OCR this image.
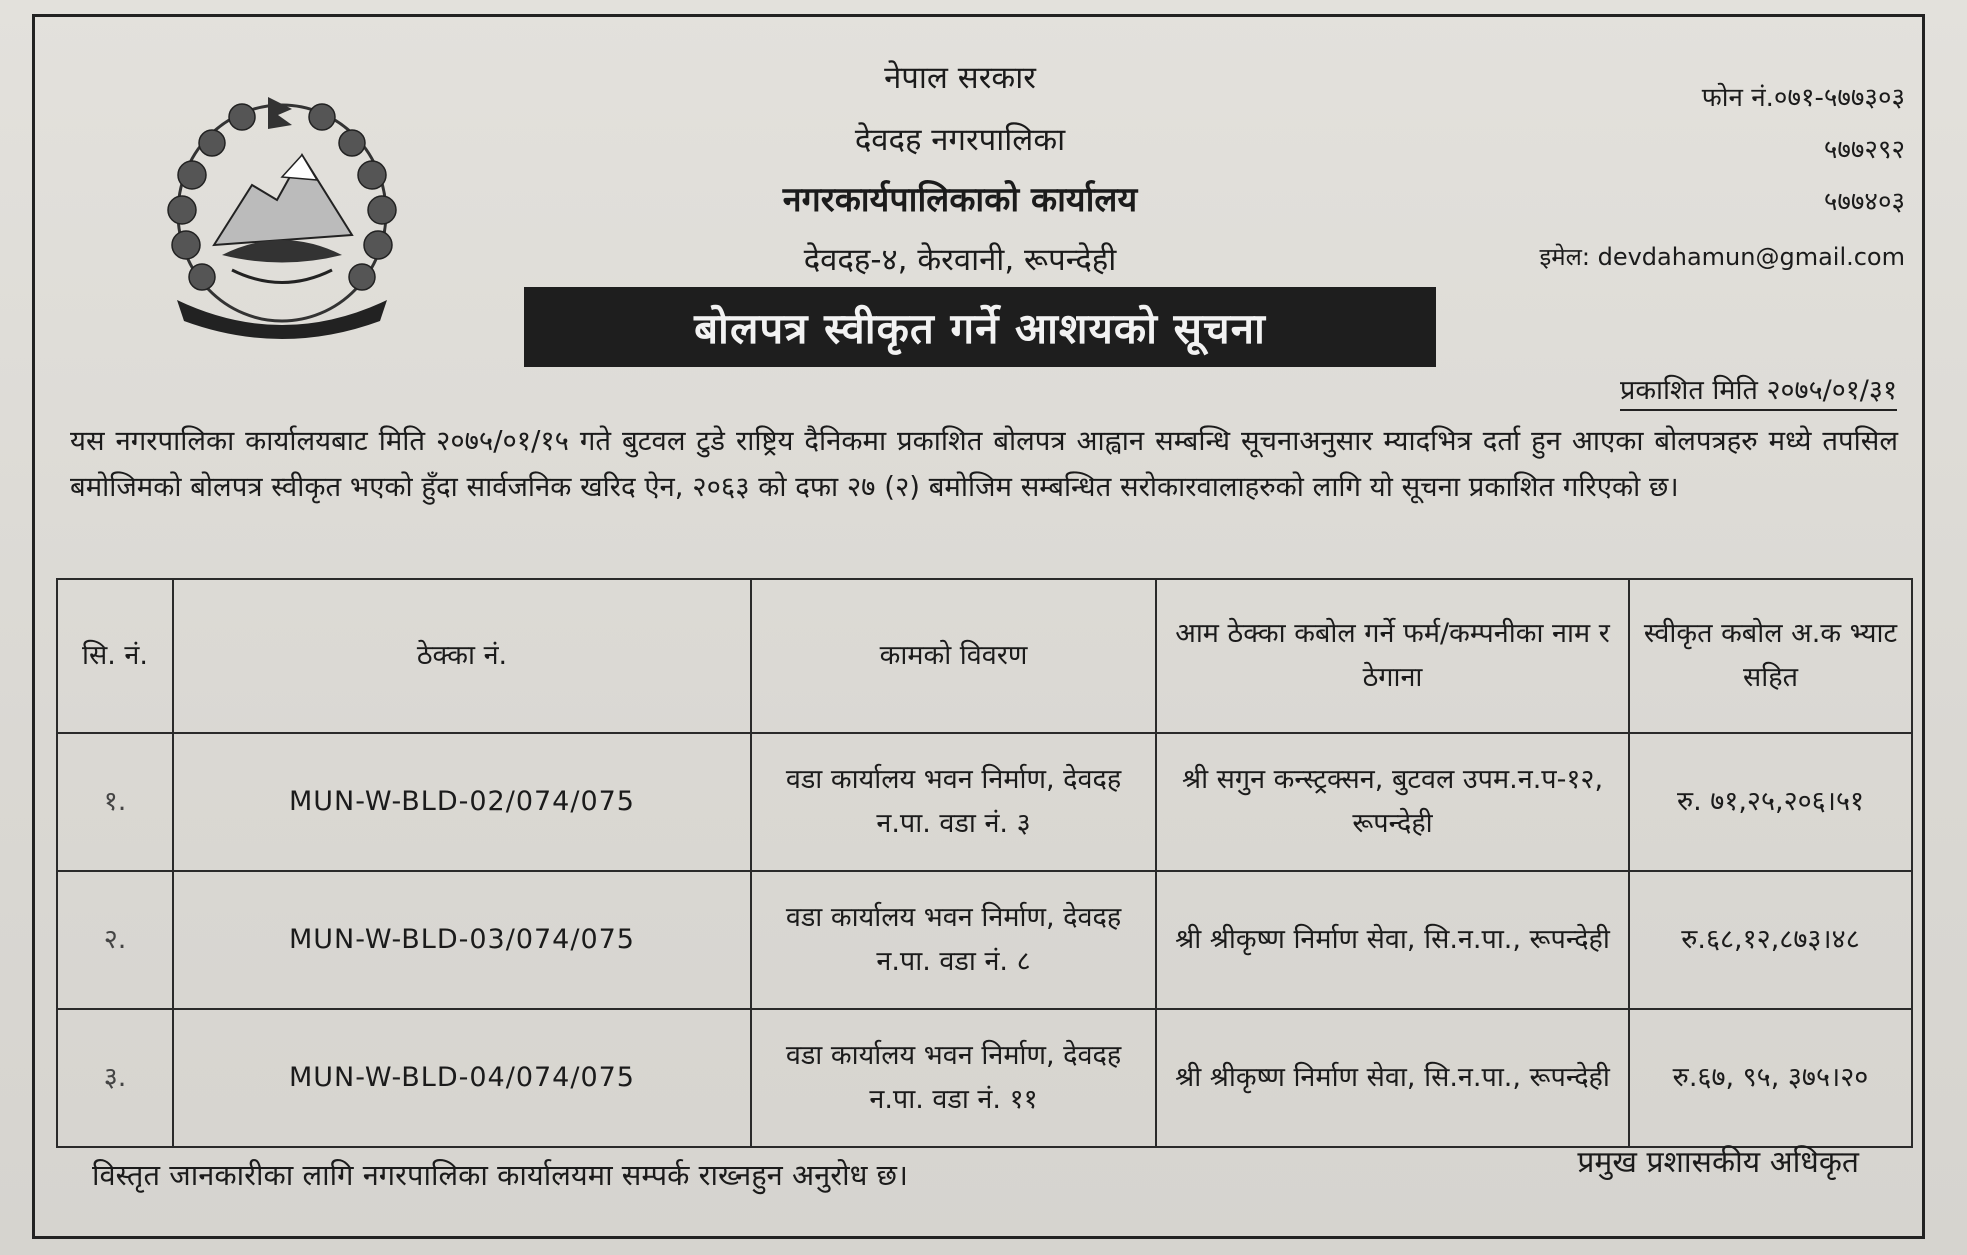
नेपाल सरकार
देवदह नगरपालिका
नगरकार्यपालिकाको कार्यालय
देवदह-४, केरवानी, रूपन्देही
फोन नं.०७१-५७७३०३
५७७२९२
५७७४०३
इमेल: devdahamun@gmail.com
बोलपत्र स्वीकृत गर्ने आशयको सूचना
प्रकाशित मिति २०७५/०१/३१
यस नगरपालिका कार्यालयबाट मिति २०७५/०१/१५ गते बुटवल टुडे राष्ट्रिय दैनिकमा प्रकाशित बोलपत्र आह्वान सम्बन्धि सूचनाअनुसार म्यादभित्र दर्ता हुन आएका बोलपत्रहरु मध्ये तपसिल बमोजिमको बोलपत्र स्वीकृत भएको हुँदा सार्वजनिक खरिद ऐन, २०६३ को दफा २७ (२) बमोजिम सम्बन्धित सरोकारवालाहरुको लागि यो सूचना प्रकाशित गरिएको छ।
सि. नं.	ठेक्का नं.	कामको विवरण	आम ठेक्का कबोल गर्ने फर्म/कम्पनीका नाम र ठेगाना	स्वीकृत कबोल अ.क भ्याट सहित
१.	MUN-W-BLD-02/074/075	वडा कार्यालय भवन निर्माण, देवदह न.पा. वडा नं. ३	श्री सगुन कन्स्ट्रक्सन, बुटवल उपम.न.प-१२, रूपन्देही	रु. ७१,२५,२०६।५१
२.	MUN-W-BLD-03/074/075	वडा कार्यालय भवन निर्माण, देवदह न.पा. वडा नं. ८	श्री श्रीकृष्ण निर्माण सेवा, सि.न.पा., रूपन्देही	रु.६८,१२,८७३।४८
३.	MUN-W-BLD-04/074/075	वडा कार्यालय भवन निर्माण, देवदह न.पा. वडा नं. ११	श्री श्रीकृष्ण निर्माण सेवा, सि.न.पा., रूपन्देही	रु.६७, ९५, ३७५।२०
विस्तृत जानकारीका लागि नगरपालिका कार्यालयमा सम्पर्क राख्नहुन अनुरोध छ।	प्रमुख प्रशासकीय अधिकृत
